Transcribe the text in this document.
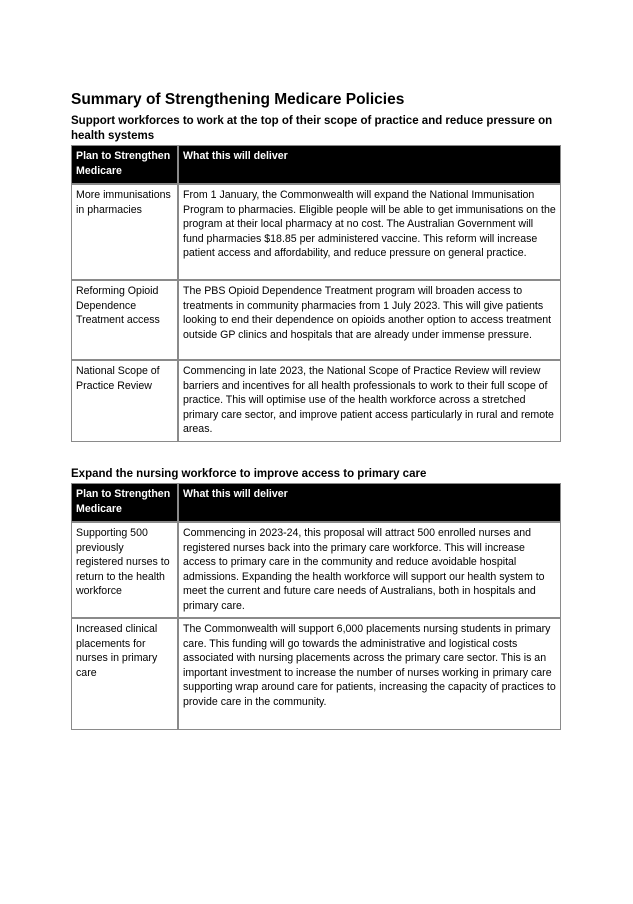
Summary of Strengthening Medicare Policies
Support workforces to work at the top of their scope of practice and reduce pressure on health systems
Plan to Strengthen Medicare	What this will deliver
More immunisations in pharmacies	From 1 January, the Commonwealth will expand the National Immunisation Program to pharmacies. Eligible people will be able to get immunisations on the program at their local pharmacy at no cost. The Australian Government will fund pharmacies $18.85 per administered vaccine. This reform will increase patient access and affordability, and reduce pressure on general practice.
Reforming Opioid Dependence Treatment access	The PBS Opioid Dependence Treatment program will broaden access to treatments in community pharmacies from 1 July 2023. This will give patients looking to end their dependence on opioids another option to access treatment outside GP clinics and hospitals that are already under immense pressure.
National Scope of Practice Review	Commencing in late 2023, the National Scope of Practice Review will review barriers and incentives for all health professionals to work to their full scope of practice. This will optimise use of the health workforce across a stretched primary care sector, and improve patient access particularly in rural and remote areas.
Expand the nursing workforce to improve access to primary care
Plan to Strengthen Medicare	What this will deliver
Supporting 500 previously registered nurses to return to the health workforce	Commencing in 2023-24, this proposal will attract 500 enrolled nurses and registered nurses back into the primary care workforce. This will increase access to primary care in the community and reduce avoidable hospital admissions. Expanding the health workforce will support our health system to meet the current and future care needs of Australians, both in hospitals and primary care.
Increased clinical placements for nurses in primary care	The Commonwealth will support 6,000 placements nursing students in primary care. This funding will go towards the administrative and logistical costs associated with nursing placements across the primary care sector. This is an important investment to increase the number of nurses working in primary care supporting wrap around care for patients, increasing the capacity of practices to provide care in the community.
